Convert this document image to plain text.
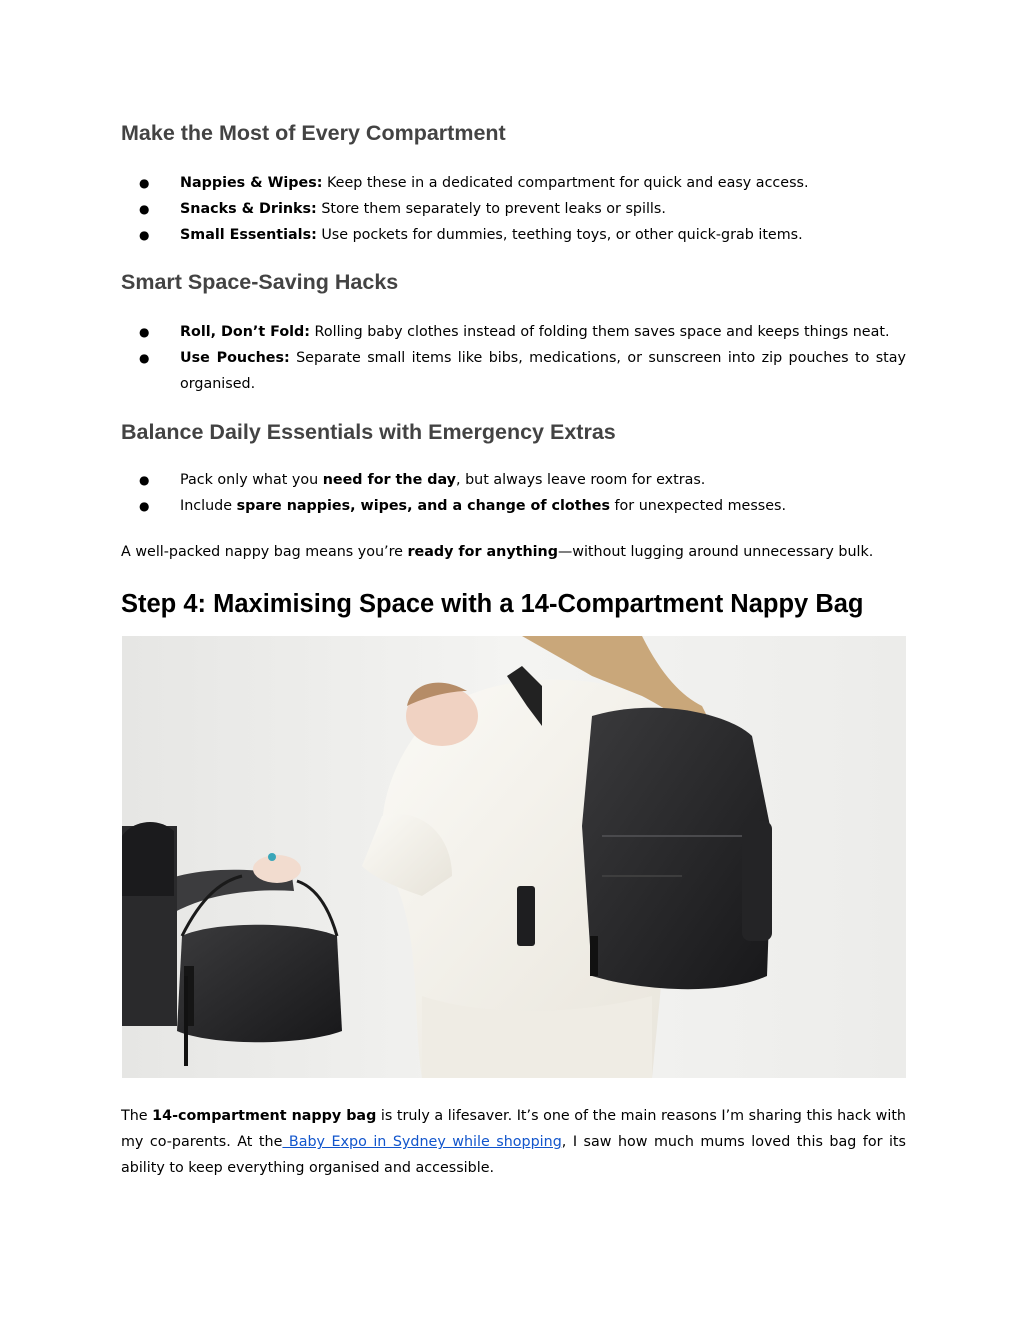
Make the Most of Every Compartment
● Nappies & Wipes: Keep these in a dedicated compartment for quick and easy access.
● Snacks & Drinks: Store them separately to prevent leaks or spills.
● Small Essentials: Use pockets for dummies, teething toys, or other quick-grab items.
Smart Space-Saving Hacks
● Roll, Don’t Fold: Rolling baby clothes instead of folding them saves space and keeps things neat.
● Use Pouches: Separate small items like bibs, medications, or sunscreen into zip pouches to stay organised.
Balance Daily Essentials with Emergency Extras
● Pack only what you need for the day, but always leave room for extras.
● Include spare nappies, wipes, and a change of clothes for unexpected messes.

A well-packed nappy bag means you’re ready for anything—without lugging around unnecessary bulk.

Step 4: Maximising Space with a 14-Compartment Nappy Bag

The 14-compartment nappy bag is truly a lifesaver. It’s one of the main reasons I’m sharing this hack with my co-parents. At the Baby Expo in Sydney while shopping, I saw how much mums loved this bag for its ability to keep everything organised and accessible.
